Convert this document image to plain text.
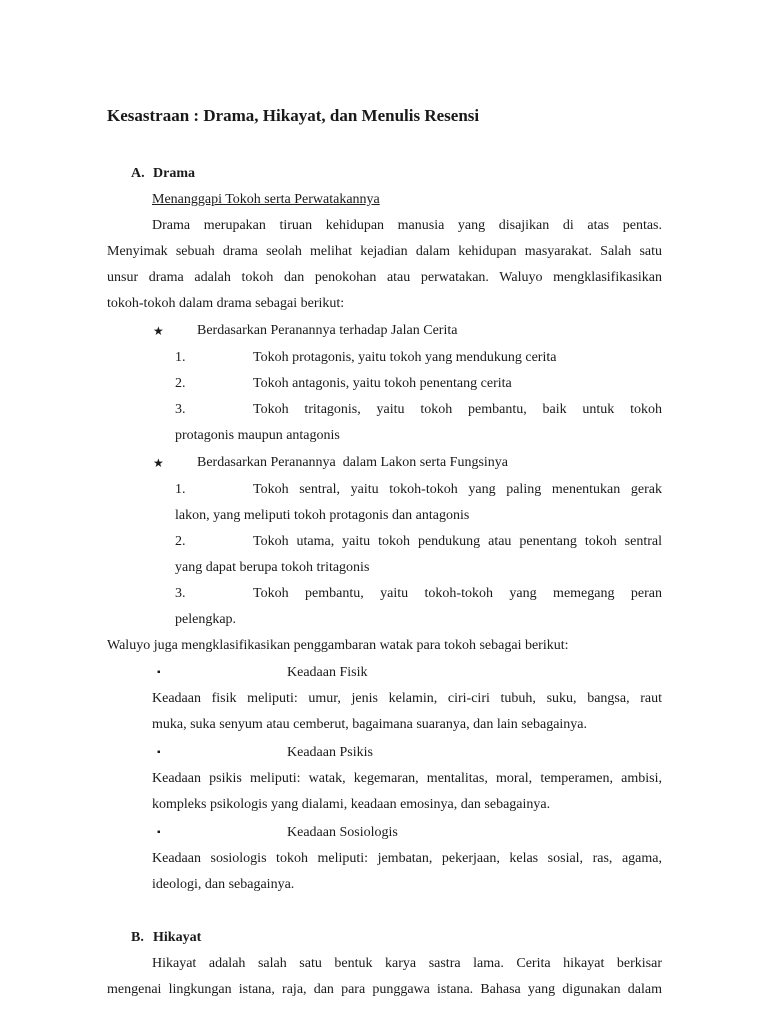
Kesastraan : Drama, Hikayat, dan Menulis Resensi
A. Drama
Menanggapi Tokoh serta Perwatakannya
Drama merupakan tiruan kehidupan manusia yang disajikan di atas pentas.
Menyimak sebuah drama seolah melihat kejadian dalam kehidupan masyarakat. Salah satu
unsur drama adalah tokoh dan penokohan atau perwatakan. Waluyo mengklasifikasikan
tokoh-tokoh dalam drama sebagai berikut:
★ Berdasarkan Peranannya terhadap Jalan Cerita
1.	Tokoh protagonis, yaitu tokoh yang mendukung cerita
2.	Tokoh antagonis, yaitu tokoh penentang cerita
3.	Tokoh tritagonis, yaitu tokoh pembantu, baik untuk tokoh
protagonis maupun antagonis
★ Berdasarkan Peranannya  dalam Lakon serta Fungsinya
1.	Tokoh sentral, yaitu tokoh-tokoh yang paling menentukan gerak
lakon, yang meliputi tokoh protagonis dan antagonis
2.	Tokoh utama, yaitu tokoh pendukung atau penentang tokoh sentral
yang dapat berupa tokoh tritagonis
3.	Tokoh pembantu, yaitu tokoh-tokoh yang memegang peran
pelengkap.
Waluyo juga mengklasifikasikan penggambaran watak para tokoh sebagai berikut:
▪	Keadaan Fisik
Keadaan fisik meliputi: umur, jenis kelamin, ciri-ciri tubuh, suku, bangsa, raut
muka, suka senyum atau cemberut, bagaimana suaranya, dan lain sebagainya.
▪	Keadaan Psikis
Keadaan psikis meliputi: watak, kegemaran, mentalitas, moral, temperamen, ambisi,
kompleks psikologis yang dialami, keadaan emosinya, dan sebagainya.
▪	Keadaan Sosiologis
Keadaan sosiologis tokoh meliputi: jembatan, pekerjaan, kelas sosial, ras, agama,
ideologi, dan sebagainya.
B. Hikayat
Hikayat adalah salah satu bentuk karya sastra lama. Cerita hikayat berkisar
mengenai lingkungan istana, raja, dan para punggawa istana. Bahasa yang digunakan dalam
